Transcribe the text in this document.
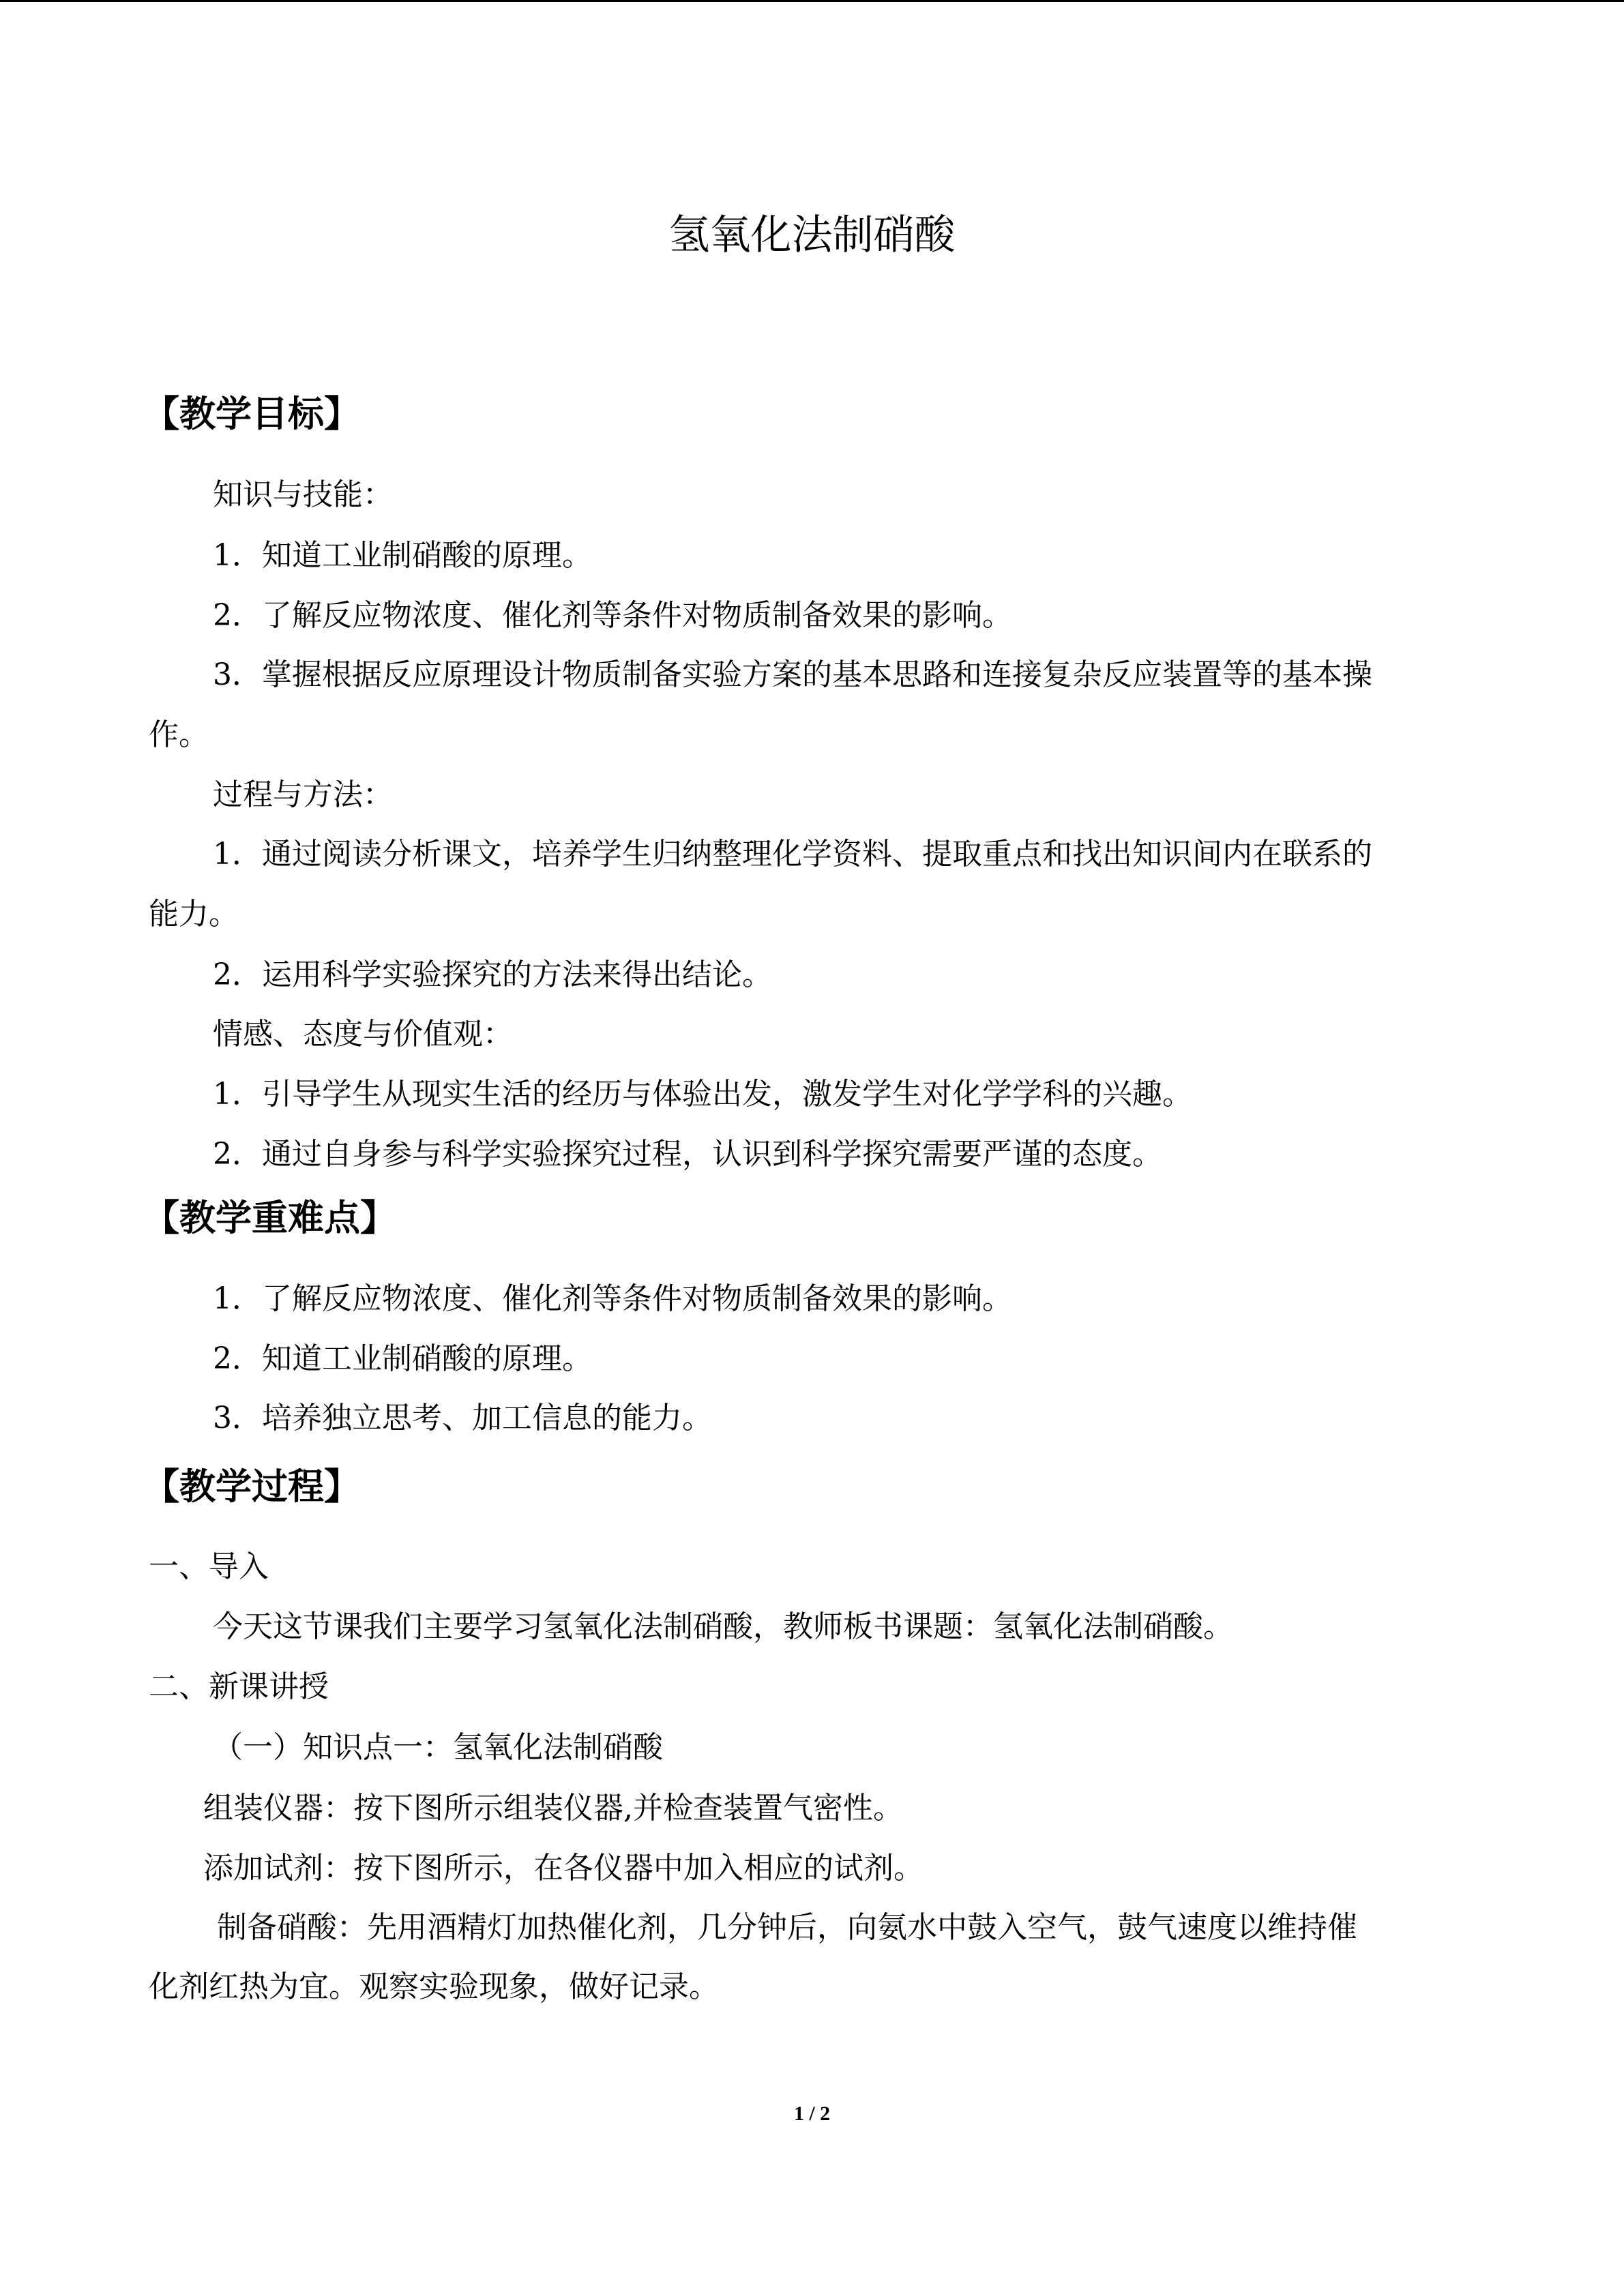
氢氧化法制硝酸
【教学目标】
知识与技能：
1．知道工业制硝酸的原理。
2．了解反应物浓度、催化剂等条件对物质制备效果的影响。
3．掌握根据反应原理设计物质制备实验方案的基本思路和连接复杂反应装置等的基本操
作。
过程与方法：
1．通过阅读分析课文，培养学生归纳整理化学资料、提取重点和找出知识间内在联系的
能力。
2．运用科学实验探究的方法来得出结论。
情感、态度与价值观：
1．引导学生从现实生活的经历与体验出发，激发学生对化学学科的兴趣。
2．通过自身参与科学实验探究过程，认识到科学探究需要严谨的态度。
【教学重难点】
1．了解反应物浓度、催化剂等条件对物质制备效果的影响。
2．知道工业制硝酸的原理。
3．培养独立思考、加工信息的能力。
【教学过程】
一、导入
今天这节课我们主要学习氢氧化法制硝酸，教师板书课题：氢氧化法制硝酸。
二、新课讲授
（一）知识点一：氢氧化法制硝酸
组装仪器：按下图所示组装仪器,并检查装置气密性。
添加试剂：按下图所示，在各仪器中加入相应的试剂。
制备硝酸：先用酒精灯加热催化剂，几分钟后，向氨水中鼓入空气，鼓气速度以维持催
化剂红热为宜。观察实验现象，做好记录。
1 / 2
